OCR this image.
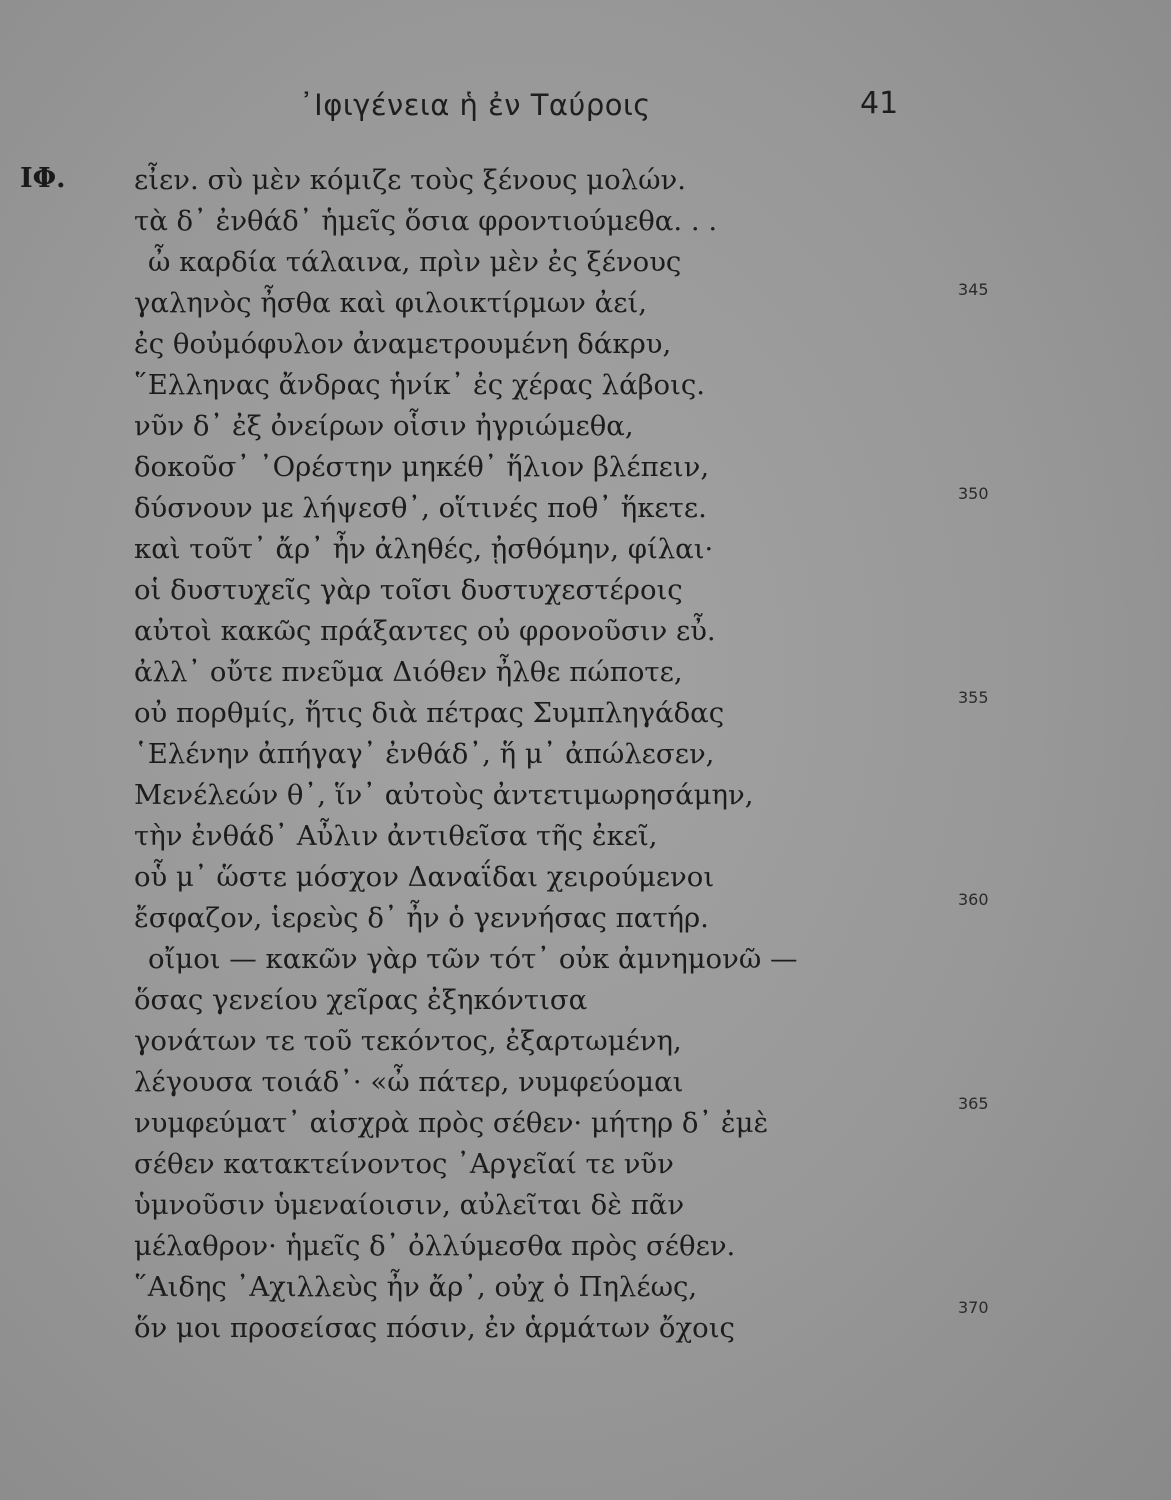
᾿Ιφιγένεια ἡ ἐν Ταύροις	41
ΙΦ. εἶεν. σὺ μὲν κόμιζε τοὺς ξένους μολών.
τὰ δ᾿ ἐνθάδ᾿ ἡμεῖς ὅσια φροντιούμεθα. . .
ὦ καρδία τάλαινα, πρὶν μὲν ἐς ξένους
γαληνὸς ἦσθα καὶ φιλοικτίρμων ἀεί,
ἐς θοὐμόφυλον ἀναμετρουμένη δάκρυ,
῞Ελληνας ἄνδρας ἡνίκ᾿ ἐς χέρας λάβοις.
νῦν δ᾿ ἐξ ὀνείρων οἷσιν ἠγριώμεθα,
δοκοῦσ᾿ ᾿Ορέστην μηκέθ᾿ ἥλιον βλέπειν,
δύσνουν με λήψεσθ᾿, οἵτινές ποθ᾿ ἥκετε.
καὶ τοῦτ᾿ ἄρ᾿ ἦν ἀληθές, ᾐσθόμην, φίλαι·
οἱ δυστυχεῖς γὰρ τοῖσι δυστυχεστέροις
αὐτοὶ κακῶς πράξαντες οὐ φρονοῦσιν εὖ.
ἀλλ᾿ οὔτε πνεῦμα Διόθεν ἦλθε πώποτε,
οὐ πορθμίς, ἥτις διὰ πέτρας Συμπληγάδας
῾Ελένην ἀπήγαγ᾿ ἐνθάδ᾿, ἥ μ᾿ ἀπώλεσεν,
Μενέλεών θ᾿, ἵν᾿ αὐτοὺς ἀντετιμωρησάμην,
τὴν ἐνθάδ᾿ Αὖλιν ἀντιθεῖσα τῆς ἐκεῖ,
οὗ μ᾿ ὥστε μόσχον Δαναΐδαι χειρούμενοι
ἔσφαζον, ἱερεὺς δ᾿ ἦν ὁ γεννήσας πατήρ.
οἴμοι — κακῶν γὰρ τῶν τότ᾿ οὐκ ἀμνημονῶ —
ὅσας γενείου χεῖρας ἐξηκόντισα
γονάτων τε τοῦ τεκόντος, ἐξαρτωμένη,
λέγουσα τοιάδ᾿· «ὦ πάτερ, νυμφεύομαι
νυμφεύματ᾿ αἰσχρὰ πρὸς σέθεν· μήτηρ δ᾿ ἐμὲ
σέθεν κατακτείνοντος ᾿Αργεῖαί τε νῦν
ὑμνοῦσιν ὑμεναίοισιν, αὐλεῖται δὲ πᾶν
μέλαθρον· ἡμεῖς δ᾿ ὀλλύμεσθα πρὸς σέθεν.
῞Αιδης ᾿Αχιλλεὺς ἦν ἄρ᾿, οὐχ ὁ Πηλέως,
ὅν μοι προσείσας πόσιν, ἐν ἁρμάτων ὄχοις
345
350
355
360
365
370
